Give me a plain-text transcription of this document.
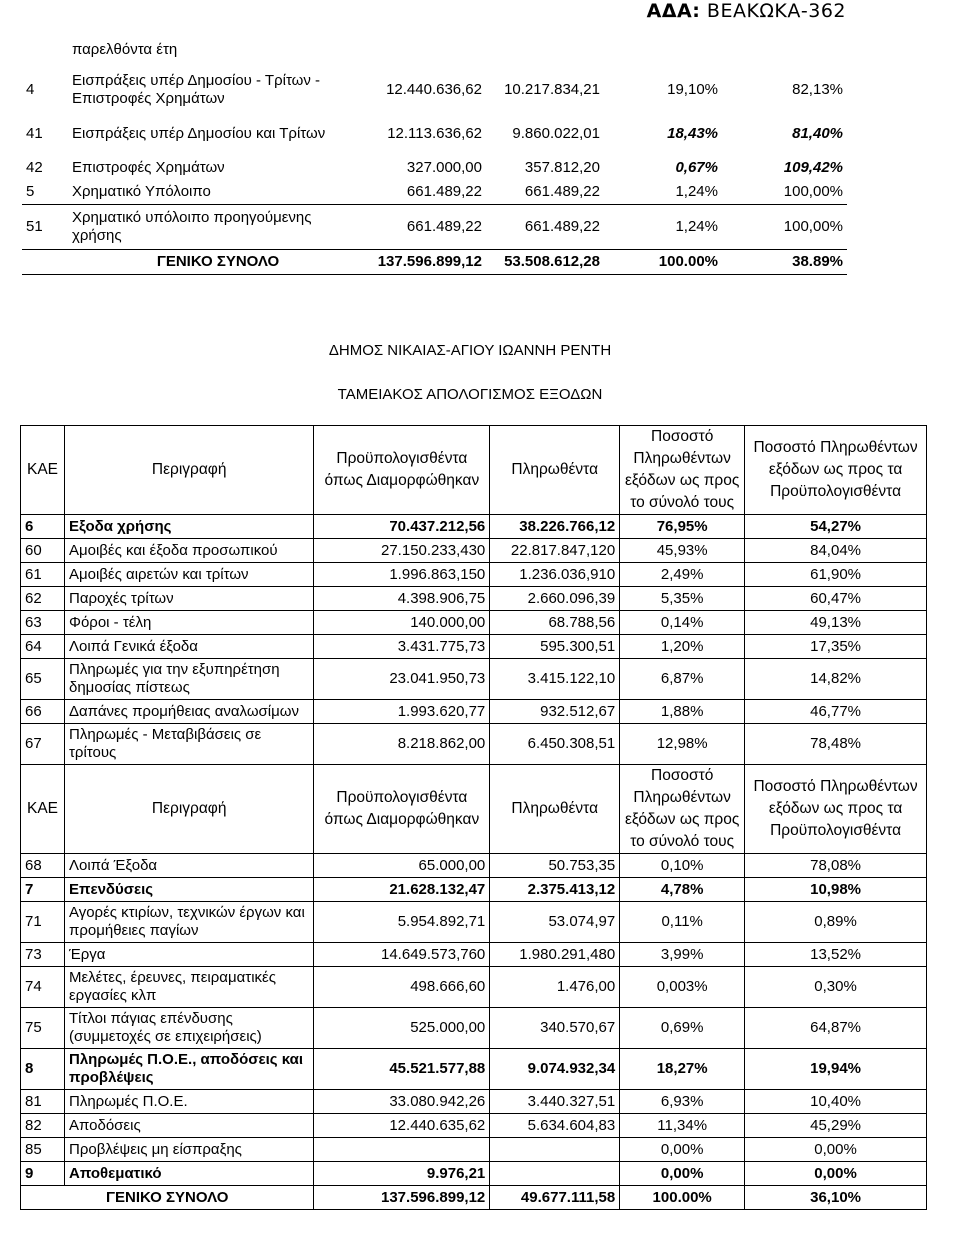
ΑΔΑ: ΒΕΑΚΩΚΑ-362
	παρελθόντα έτη				
4	Εισπράξεις υπέρ Δημοσίου - Τρίτων - Επιστροφές Χρημάτων	12.440.636,62	10.217.834,21	19,10%	82,13%
41	Εισπράξεις υπέρ Δημοσίου και Τρίτων	12.113.636,62	9.860.022,01	18,43%	81,40%
42	Επιστροφές Χρημάτων	327.000,00	357.812,20	0,67%	109,42%
5	Χρηματικό Υπόλοιπο	661.489,22	661.489,22	1,24%	100,00%
51	Χρηματικό υπόλοιπο προηγούμενης χρήσης	661.489,22	661.489,22	1,24%	100,00%
	ΓΕΝΙΚΟ ΣΥΝΟΛΟ	137.596.899,12	53.508.612,28	100.00%	38.89%
ΔΗΜΟΣ ΝΙΚΑΙΑΣ-ΑΓΙΟΥ ΙΩΑΝΝΗ ΡΕΝΤΗ
ΤΑΜΕΙΑΚΟΣ ΑΠΟΛΟΓΙΣΜΟΣ ΕΞΟΔΩΝ
ΚΑΕ	Περιγραφή	Προϋπολογισθέντα όπως Διαμορφώθηκαν	Πληρωθέντα	Ποσοστό Πληρωθέντων εξόδων ως προς το σύνολό τους	Ποσοστό Πληρωθέντων εξόδων ως προς τα Προϋπολογισθέντα
6	Εξοδα χρήσης	70.437.212,56	38.226.766,12	76,95%	54,27%
60	Αμοιβές και έξοδα προσωπικού	27.150.233,430	22.817.847,120	45,93%	84,04%
61	Αμοιβές αιρετών και τρίτων	1.996.863,150	1.236.036,910	2,49%	61,90%
62	Παροχές τρίτων	4.398.906,75	2.660.096,39	5,35%	60,47%
63	Φόροι - τέλη	140.000,00	68.788,56	0,14%	49,13%
64	Λοιπά Γενικά έξοδα	3.431.775,73	595.300,51	1,20%	17,35%
65	Πληρωμές για την εξυπηρέτηση δημοσίας πίστεως	23.041.950,73	3.415.122,10	6,87%	14,82%
66	Δαπάνες προμήθειας αναλωσίμων	1.993.620,77	932.512,67	1,88%	46,77%
67	Πληρωμές - Μεταβιβάσεις σε τρίτους	8.218.862,00	6.450.308,51	12,98%	78,48%
ΚΑΕ	Περιγραφή	Προϋπολογισθέντα όπως Διαμορφώθηκαν	Πληρωθέντα	Ποσοστό Πληρωθέντων εξόδων ως προς το σύνολό τους	Ποσοστό Πληρωθέντων εξόδων ως προς τα Προϋπολογισθέντα
68	Λοιπά Έξοδα	65.000,00	50.753,35	0,10%	78,08%
7	Επενδύσεις	21.628.132,47	2.375.413,12	4,78%	10,98%
71	Αγορές κτιρίων, τεχνικών έργων και προμήθειες παγίων	5.954.892,71	53.074,97	0,11%	0,89%
73	Έργα	14.649.573,760	1.980.291,480	3,99%	13,52%
74	Μελέτες, έρευνες, πειραματικές εργασίες κλπ	498.666,60	1.476,00	0,003%	0,30%
75	Τίτλοι πάγιας επένδυσης (συμμετοχές σε επιχειρήσεις)	525.000,00	340.570,67	0,69%	64,87%
8	Πληρωμές Π.Ο.Ε., αποδόσεις και προβλέψεις	45.521.577,88	9.074.932,34	18,27%	19,94%
81	Πληρωμές Π.Ο.Ε.	33.080.942,26	3.440.327,51	6,93%	10,40%
82	Αποδόσεις	12.440.635,62	5.634.604,83	11,34%	45,29%
85	Προβλέψεις μη είσπραξης			0,00%	0,00%
9	Αποθεματικό	9.976,21		0,00%	0,00%
ΓΕΝΙΚΟ ΣΥΝΟΛΟ		137.596.899,12	49.677.111,58	100.00%	36,10%
